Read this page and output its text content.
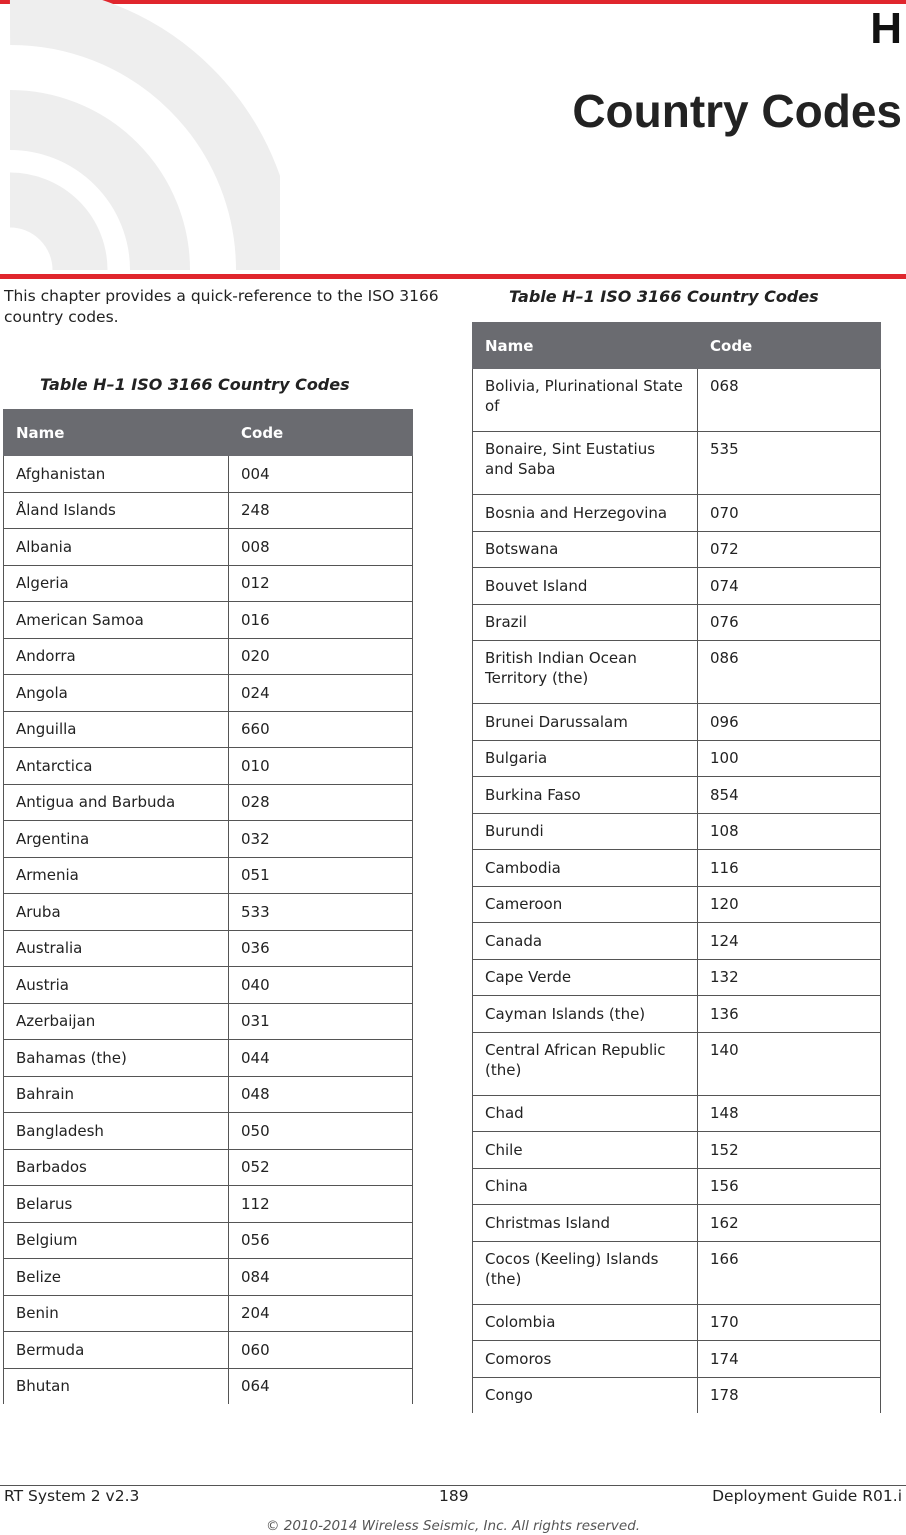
H
Country Codes

This chapter provides a quick-reference to the ISO 3166 country codes.

Table H–1 ISO 3166 Country Codes
Table H–1 ISO 3166 Country Codes
Name	Code
Afghanistan	004
Åland Islands	248
Albania	008
Algeria	012
American Samoa	016
Andorra	020
Angola	024
Anguilla	660
Antarctica	010
Antigua and Barbuda	028
Argentina	032
Armenia	051
Aruba	533
Australia	036
Austria	040
Azerbaijan	031
Bahamas (the)	044
Bahrain	048
Bangladesh	050
Barbados	052
Belarus	112
Belgium	056
Belize	084
Benin	204
Bermuda	060
Bhutan	064
Name	Code
Bolivia, Plurinational State of	068
Bonaire, Sint Eustatius and Saba	535
Bosnia and Herzegovina	070
Botswana	072
Bouvet Island	074
Brazil	076
British Indian Ocean Territory (the)	086
Brunei Darussalam	096
Bulgaria	100
Burkina Faso	854
Burundi	108
Cambodia	116
Cameroon	120
Canada	124
Cape Verde	132
Cayman Islands (the)	136
Central African Republic (the)	140
Chad	148
Chile	152
China	156
Christmas Island	162
Cocos (Keeling) Islands (the)	166
Colombia	170
Comoros	174
Congo	178
RT System 2 v2.3	189	Deployment Guide R01.i
© 2010-2014 Wireless Seismic, Inc. All rights reserved.
